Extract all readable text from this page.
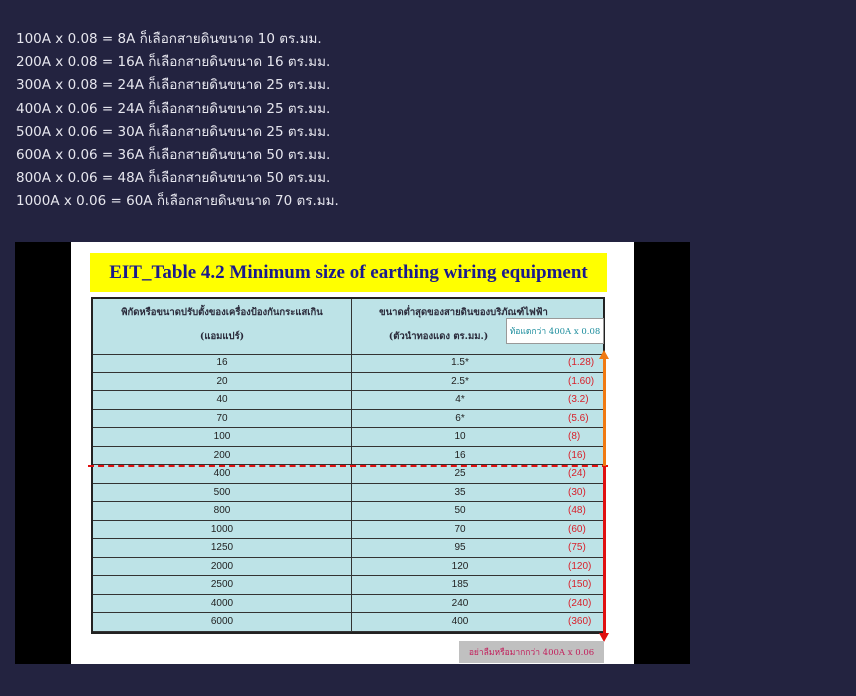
100A x 0.08 = 8A ก็เลือกสายดินขนาด 10 ตร.มม.
200A x 0.08 = 16A ก็เลือกสายดินขนาด 16 ตร.มม.
300A x 0.08 = 24A ก็เลือกสายดินขนาด 25 ตร.มม.
400A x 0.06 = 24A ก็เลือกสายดินขนาด 25 ตร.มม.
500A x 0.06 = 30A ก็เลือกสายดินขนาด 25 ตร.มม.
600A x 0.06 = 36A ก็เลือกสายดินขนาด 50 ตร.มม.
800A x 0.06 = 48A ก็เลือกสายดินขนาด 50 ตร.มม.
1000A x 0.06 = 60A ก็เลือกสายดินขนาด 70 ตร.มม.
EIT_Table 4.2 Minimum size of earthing wiring equipment
พิกัดหรือขนาดปรับตั้งของเครื่องป้องกันกระแสเกิน
(แอมแปร์)
ขนาดต่ำสุดของสายดินของบริภัณฑ์ไฟฟ้า
(ตัวนำทองแดง ตร.มม.)	ท้อแดกว่า 400A x 0.08
16	1.5*	(1.28)
20	2.5*	(1.60)
40	4*	(3.2)
70	6*	(5.6)
100	10	(8)
200	16	(16)
400	25	(24)
500	35	(30)
800	50	(48)
1000	70	(60)
1250	95	(75)
2000	120	(120)
2500	185	(150)
4000	240	(240)
6000	400	(360)
อย่าลืมหรือมากกว่า 400A x 0.06
